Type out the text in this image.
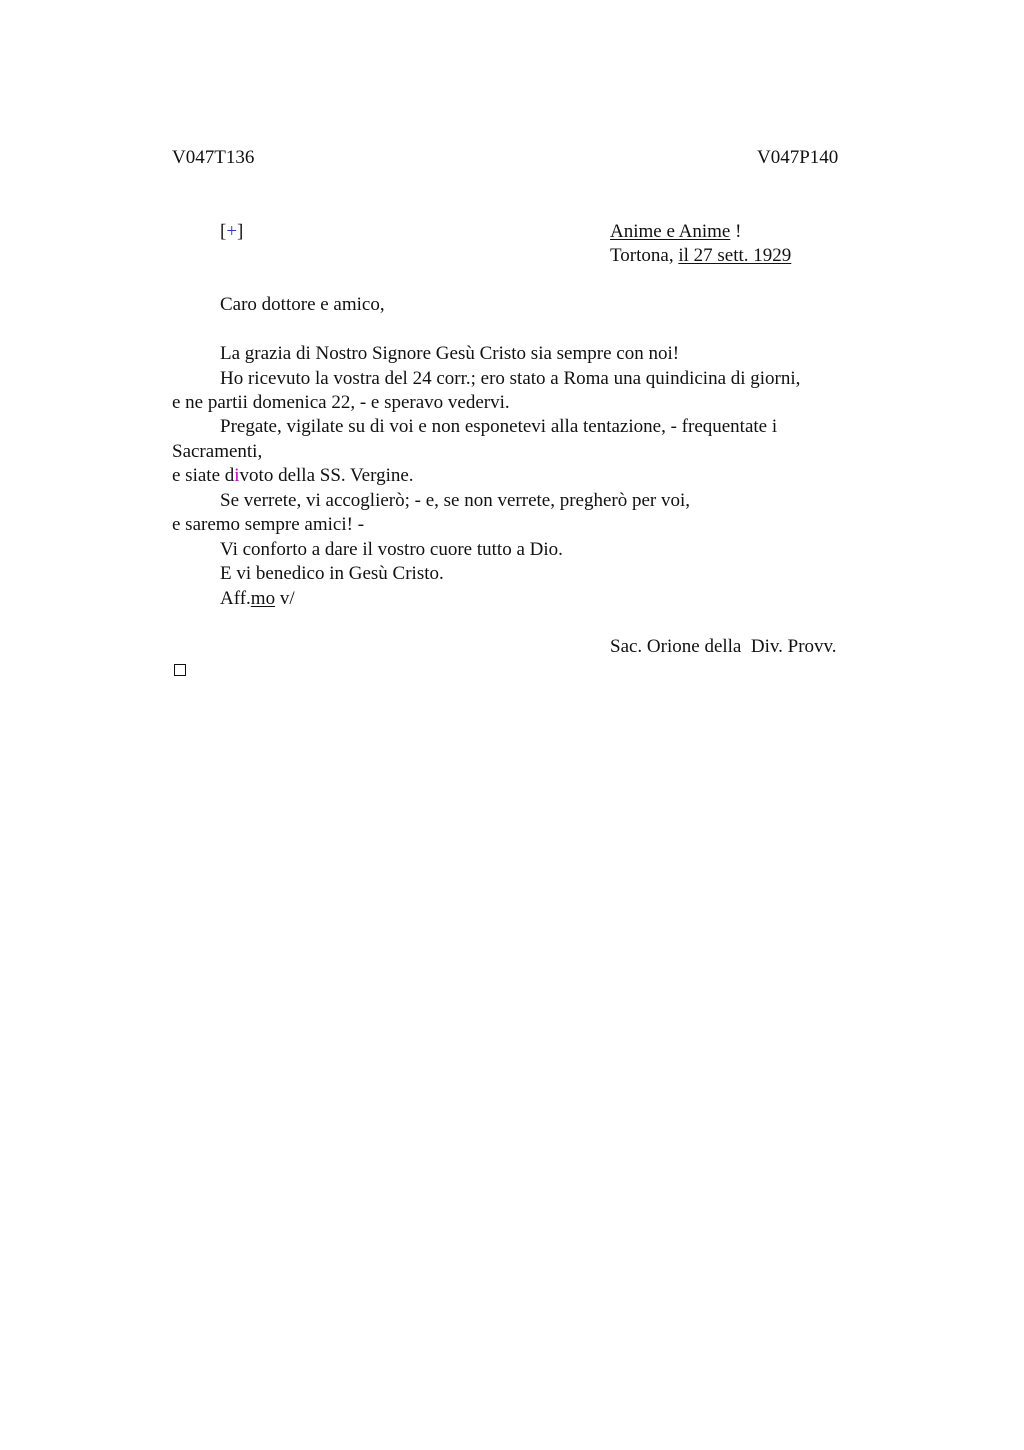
V047T136	V047P140
[+]	Anime e Anime !
Tortona, il 27 sett. 1929
Caro dottore e amico,
La grazia di Nostro Signore Gesù Cristo sia sempre con noi!
Ho ricevuto la vostra del 24 corr.; ero stato a Roma una quindicina di giorni,
e ne partii domenica 22, - e speravo vedervi.
Pregate, vigilate su di voi e non esponetevi alla tentazione, - frequentate i
Sacramenti,
e siate divoto della SS. Vergine.
Se verrete, vi accoglierò; - e, se non verrete, pregherò per voi,
e saremo sempre amici! -
Vi conforto a dare il vostro cuore tutto a Dio.
E vi benedico in Gesù Cristo.
Aff.mo v/
Sac. Orione della  Div. Provv.
